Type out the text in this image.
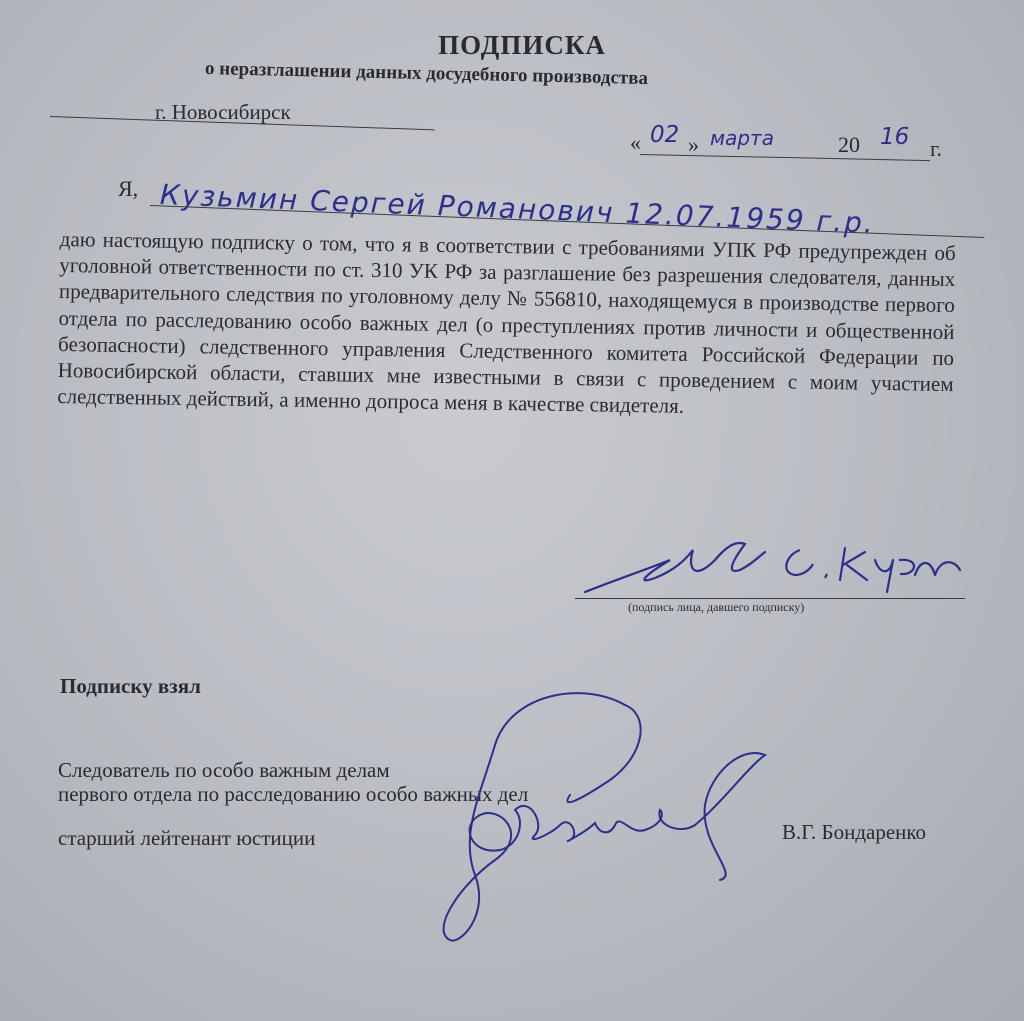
ПОДПИСКА
о неразглашении данных досудебного производства
г. Новосибирск
« 02 » марта	20 16 г.
Я, Кузьмин Сергей Романович 12.07.1959 г.р.
даю настоящую подписку о том, что я в соответствии с требованиями УПК РФ предупрежден об уголовной ответственности по ст. 310 УК РФ за разглашение без разрешения следователя, данных предварительного следствия по уголовному делу № 556810, находящемуся в производстве первого отдела по расследованию особо важных дел (о преступлениях против личности и общественной безопасности) следственного управления Следственного комитета Российской Федерации по Новосибирской области, ставших мне известными в связи с проведением с моим участием следственных действий, а именно допроса меня в качестве свидетеля.
(подпись лица, давшего подписку)
Подписку взял
Следователь по особо важным делам
первого отдела по расследованию особо важных дел
старший лейтенант юстиции	В.Г. Бондаренко
